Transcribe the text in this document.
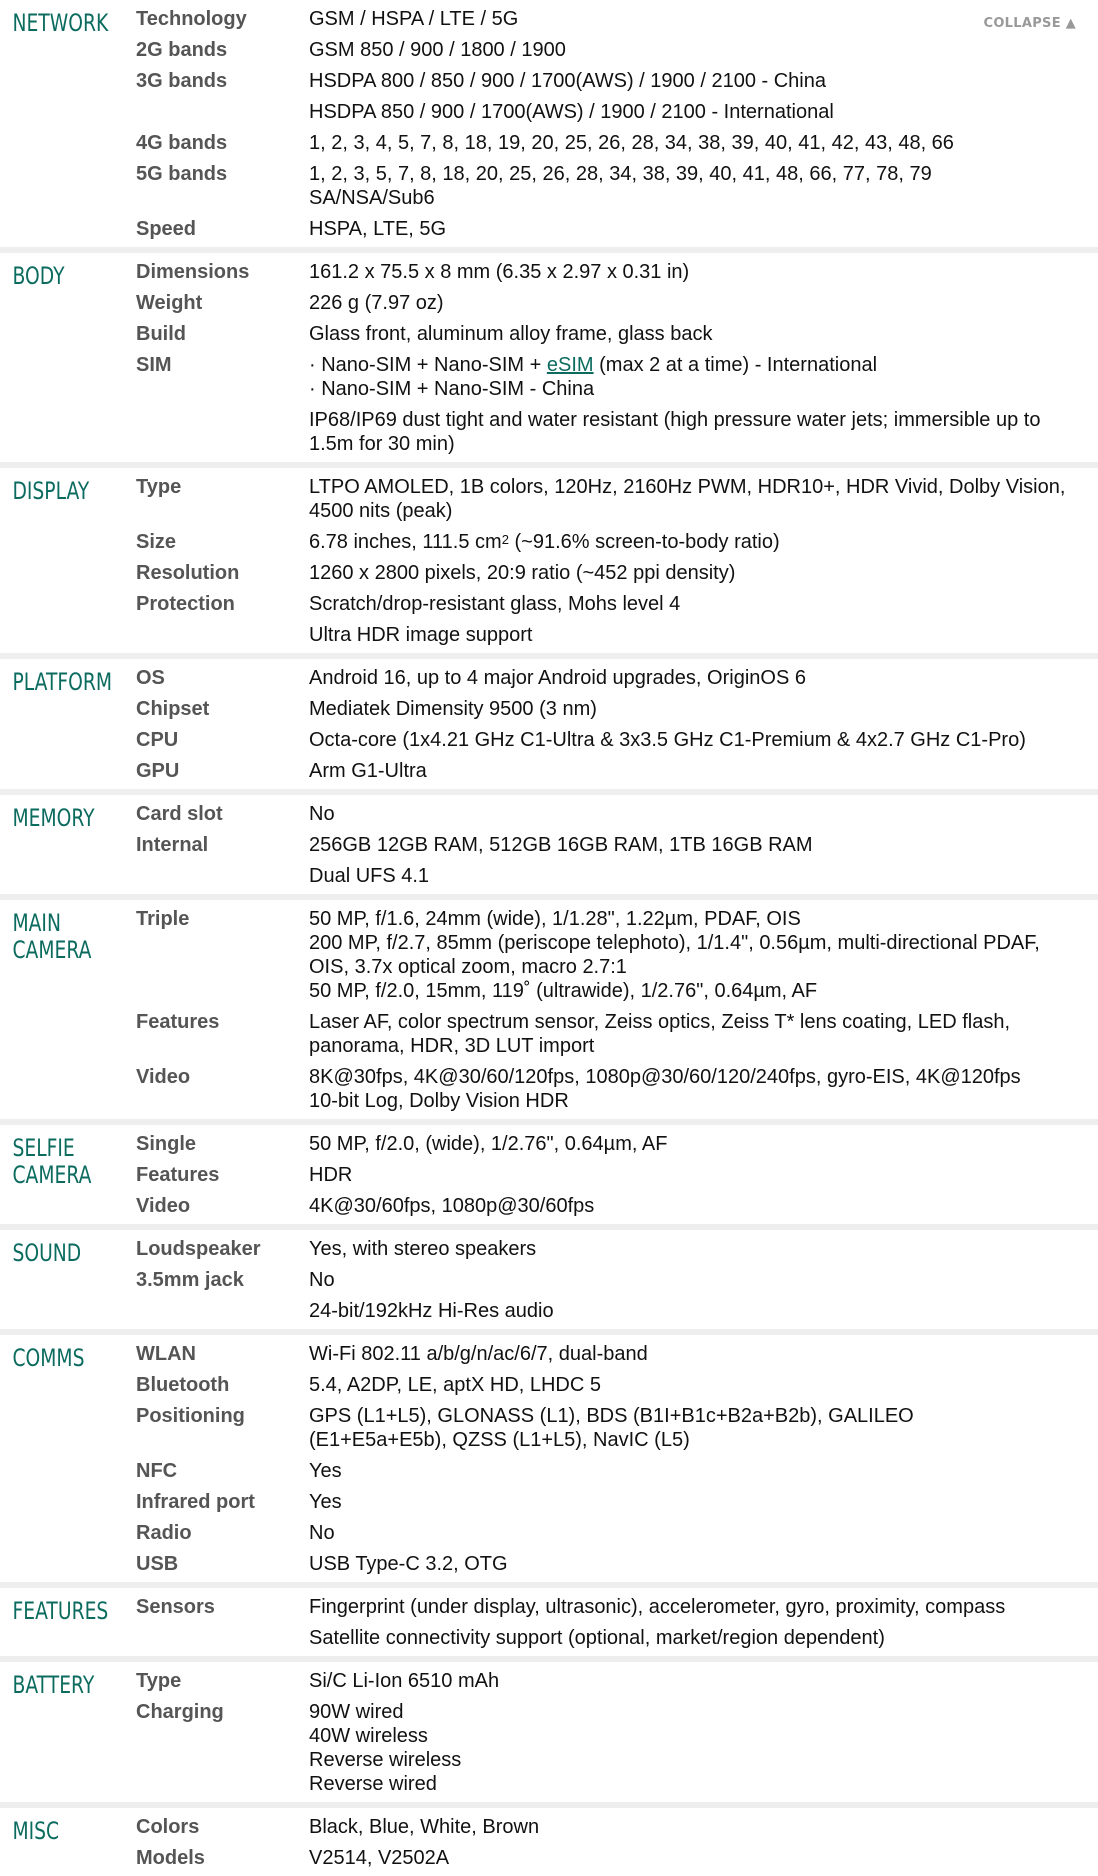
COLLAPSE ▲
NETWORK	Technology	GSM / HSPA / LTE / 5G
	2G bands	GSM 850 / 900 / 1800 / 1900
	3G bands	HSDPA 800 / 850 / 900 / 1700(AWS) / 1900 / 2100 - China
		HSDPA 850 / 900 / 1700(AWS) / 1900 / 2100 - International
	4G bands	1, 2, 3, 4, 5, 7, 8, 18, 19, 20, 25, 26, 28, 34, 38, 39, 40, 41, 42, 43, 48, 66
	5G bands	1, 2, 3, 5, 7, 8, 18, 20, 25, 26, 28, 34, 38, 39, 40, 41, 48, 66, 77, 78, 79
SA/NSA/Sub6

	Speed	HSPA, LTE, 5G
BODY	Dimensions	161.2 x 75.5 x 8 mm (6.35 x 2.97 x 0.31 in)
	Weight	226 g (7.97 oz)
	Build	Glass front, aluminum alloy frame, glass back
	SIM	· Nano-SIM + Nano-SIM + eSIM (max 2 at a time) - International
· Nano-SIM + Nano-SIM - China

		IP68/IP69 dust tight and water resistant (high pressure water jets; immersible up to 1.5m for 30 min)
DISPLAY	Type	LTPO AMOLED, 1B colors, 120Hz, 2160Hz PWM, HDR10+, HDR Vivid, Dolby Vision, 4500 nits (peak)
	Size	6.78 inches, 111.5 $cm^2$ (~91.6% screen-to-body ratio)
	Resolution	1260 x 2800 pixels, 20:9 ratio (~452 ppi density)
	Protection	Scratch/drop-resistant glass, Mohs level 4
		Ultra HDR image support
PLATFORM	OS	Android 16, up to 4 major Android upgrades, OriginOS 6
	Chipset	Mediatek Dimensity 9500 (3 nm)
	CPU	Octa-core (1x4.21 GHz C1-Ultra & 3x3.5 GHz C1-Premium & 4x2.7 GHz C1-Pro)
	GPU	Arm G1-Ultra
MEMORY	Card slot	No
	Internal	256GB 12GB RAM, 512GB 16GB RAM, 1TB 16GB RAM
		Dual UFS 4.1
MAIN
CAMERA	Triple	50 MP, f/1.6, 24mm (wide), 1/1.28", 1.22µm, PDAF, OIS
200 MP, f/2.7, 85mm (periscope telephoto), 1/1.4", 0.56µm, multi-directional PDAF, OIS, 3.7x optical zoom, macro 2.7:1
50 MP, f/2.0, 15mm, 119˚ (ultrawide), 1/2.76", 0.64µm, AF

	Features	Laser AF, color spectrum sensor, Zeiss optics, Zeiss T* lens coating, LED flash, panorama, HDR, 3D LUT import
	Video	8K@30fps, 4K@30/60/120fps, 1080p@30/60/120/240fps, gyro-EIS, 4K@120fps
10-bit Log, Dolby Vision HDR
SELFIE
CAMERA	Single	50 MP, f/2.0, (wide), 1/2.76", 0.64µm, AF
	Features	HDR
	Video	4K@30/60fps, 1080p@30/60fps
SOUND	Loudspeaker	Yes, with stereo speakers
	3.5mm jack	No
		24-bit/192kHz Hi-Res audio
COMMS	WLAN	Wi-Fi 802.11 a/b/g/n/ac/6/7, dual-band
	Bluetooth	5.4, A2DP, LE, aptX HD, LHDC 5
	Positioning	GPS (L1+L5), GLONASS (L1), BDS (B1I+B1c+B2a+B2b), GALILEO
(E1+E5a+E5b), QZSS (L1+L5), NavIC (L5)

	NFC	Yes
	Infrared port	Yes
	Radio	No
	USB	USB Type-C 3.2, OTG
FEATURES	Sensors	Fingerprint (under display, ultrasonic), accelerometer, gyro, proximity, compass
		Satellite connectivity support (optional, market/region dependent)
BATTERY	Type	Si/C Li-Ion 6510 mAh
	Charging	90W wired
40W wireless
Reverse wireless
Reverse wired
MISC	Colors	Black, Blue, White, Brown
	Models	V2514, V2502A
